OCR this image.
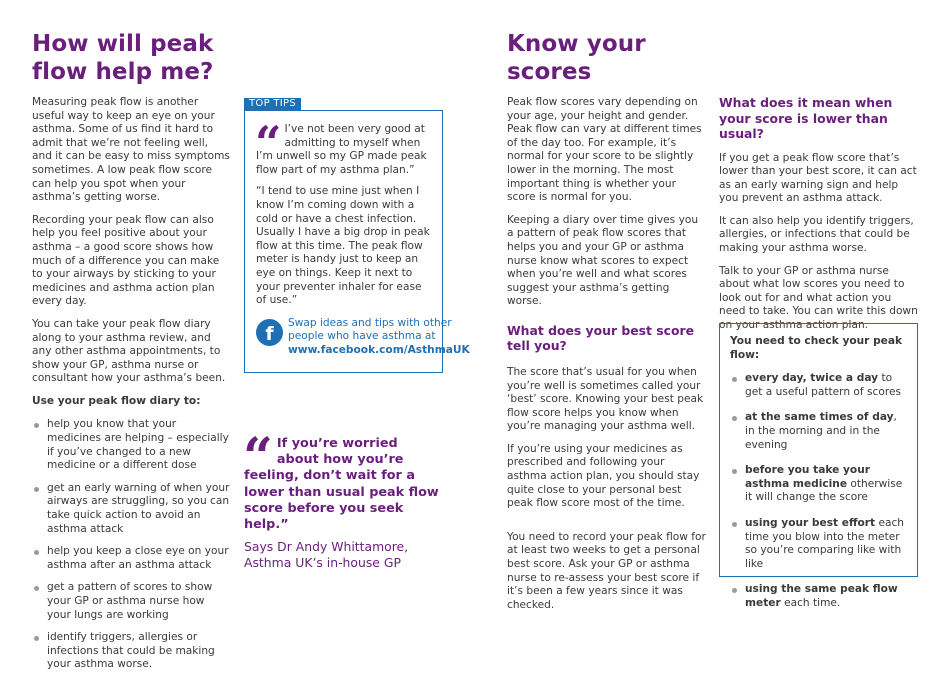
How will peak
flow help me?

Measuring peak flow is another useful way to keep an eye on your asthma. Some of us find it hard to admit that we’re not feeling well, and it can be easy to miss symptoms sometimes. A low peak flow score can help you spot when your asthma’s getting worse.

Recording your peak flow can also help you feel positive about your asthma – a good score shows how much of a difference you can make to your airways by sticking to your medicines and asthma action plan every day.

You can take your peak flow diary along to your asthma review, and any other asthma appointments, to show your GP, asthma nurse or consultant how your asthma’s been.

Use your peak flow diary to:

help you know that your medicines are helping – especially if you’ve changed to a new medicine or a different dose
get an early warning of when your airways are struggling, so you can take quick action to avoid an asthma attack
help you keep a close eye on your asthma after an asthma attack
get a pattern of scores to show your GP or asthma nurse how your lungs are working
identify triggers, allergies or infections that could be making your asthma worse.
TOP TIPS
“ I’ve not been very good at admitting to myself when I’m unwell so my GP made peak flow part of my asthma plan.”

“I tend to use mine just when I know I’m coming down with a cold or have a chest infection. Usually I have a big drop in peak flow at this time. The peak flow meter is handy just to keep an eye on things. Keep it next to your preventer inhaler for ease of use.”

f	Swap ideas and tips with other people who have asthma at www.facebook.com/AsthmaUK
“ If you’re worried about how you’re feeling, don’t wait for a lower than usual peak flow score before you seek help.”
Says Dr Andy Whittamore, Asthma UK’s in-house GP
Know your
scores

Peak flow scores vary depending on your age, your height and gender. Peak flow can vary at different times of the day too. For example, it’s normal for your score to be slightly lower in the morning. The most important thing is whether your score is normal for you.

Keeping a diary over time gives you a pattern of peak flow scores that helps you and your GP or asthma nurse know what scores to expect when you’re well and what scores suggest your asthma’s getting worse.

What does your best score tell you?

The score that’s usual for you when you’re well is sometimes called your ‘best’ score. Knowing your best peak flow score helps you know when you’re managing your asthma well.

If you’re using your medicines as prescribed and following your asthma action plan, you should stay quite close to your personal best peak flow score most of the time.

You need to record your peak flow for at least two weeks to get a personal best score. Ask your GP or asthma nurse to re-assess your best score if it’s been a few years since it was checked.

What does it mean when your score is lower than usual?

If you get a peak flow score that’s lower than your best score, it can act as an early warning sign and help you prevent an asthma attack.

It can also help you identify triggers, allergies, or infections that could be making your asthma worse.

Talk to your GP or asthma nurse about what low scores you need to look out for and what action you need to take. You can write this down on your asthma action plan.

You need to check your peak flow:
every day, twice a day to get a useful pattern of scores
at the same times of day, in the morning and in the evening
before you take your asthma medicine otherwise it will change the score
using your best effort each time you blow into the meter so you’re comparing like with like
using the same peak flow meter each time.
